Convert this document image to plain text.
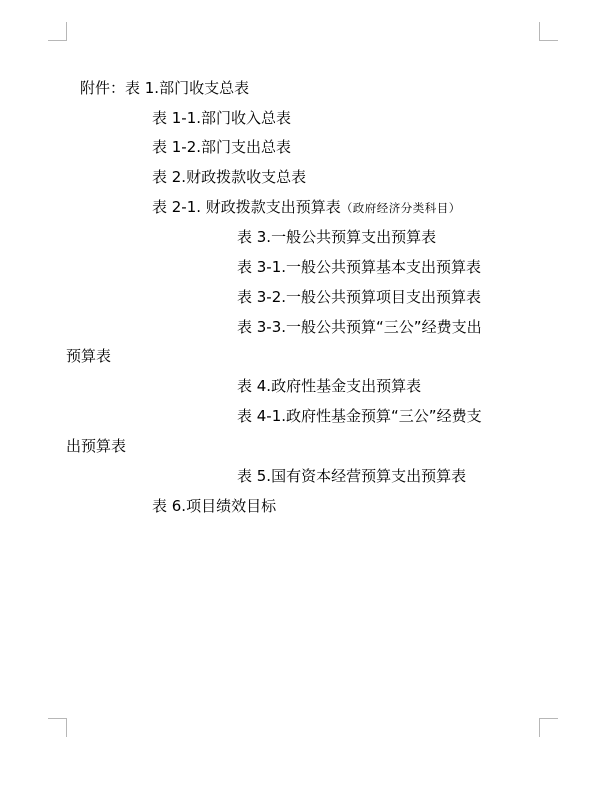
附件：表 1.部门收支总表
表 1-1.部门收入总表
表 1-2.部门支出总表
表 2.财政拨款收支总表
表 2-1. 财政拨款支出预算表（政府经济分类科目）
表 3.一般公共预算支出预算表
表 3-1.一般公共预算基本支出预算表
表 3-2.一般公共预算项目支出预算表
表 3-3.一般公共预算“三公”经费支出
预算表
表 4.政府性基金支出预算表
表 4-1.政府性基金预算“三公”经费支
出预算表
表 5.国有资本经营预算支出预算表
表 6.项目绩效目标
